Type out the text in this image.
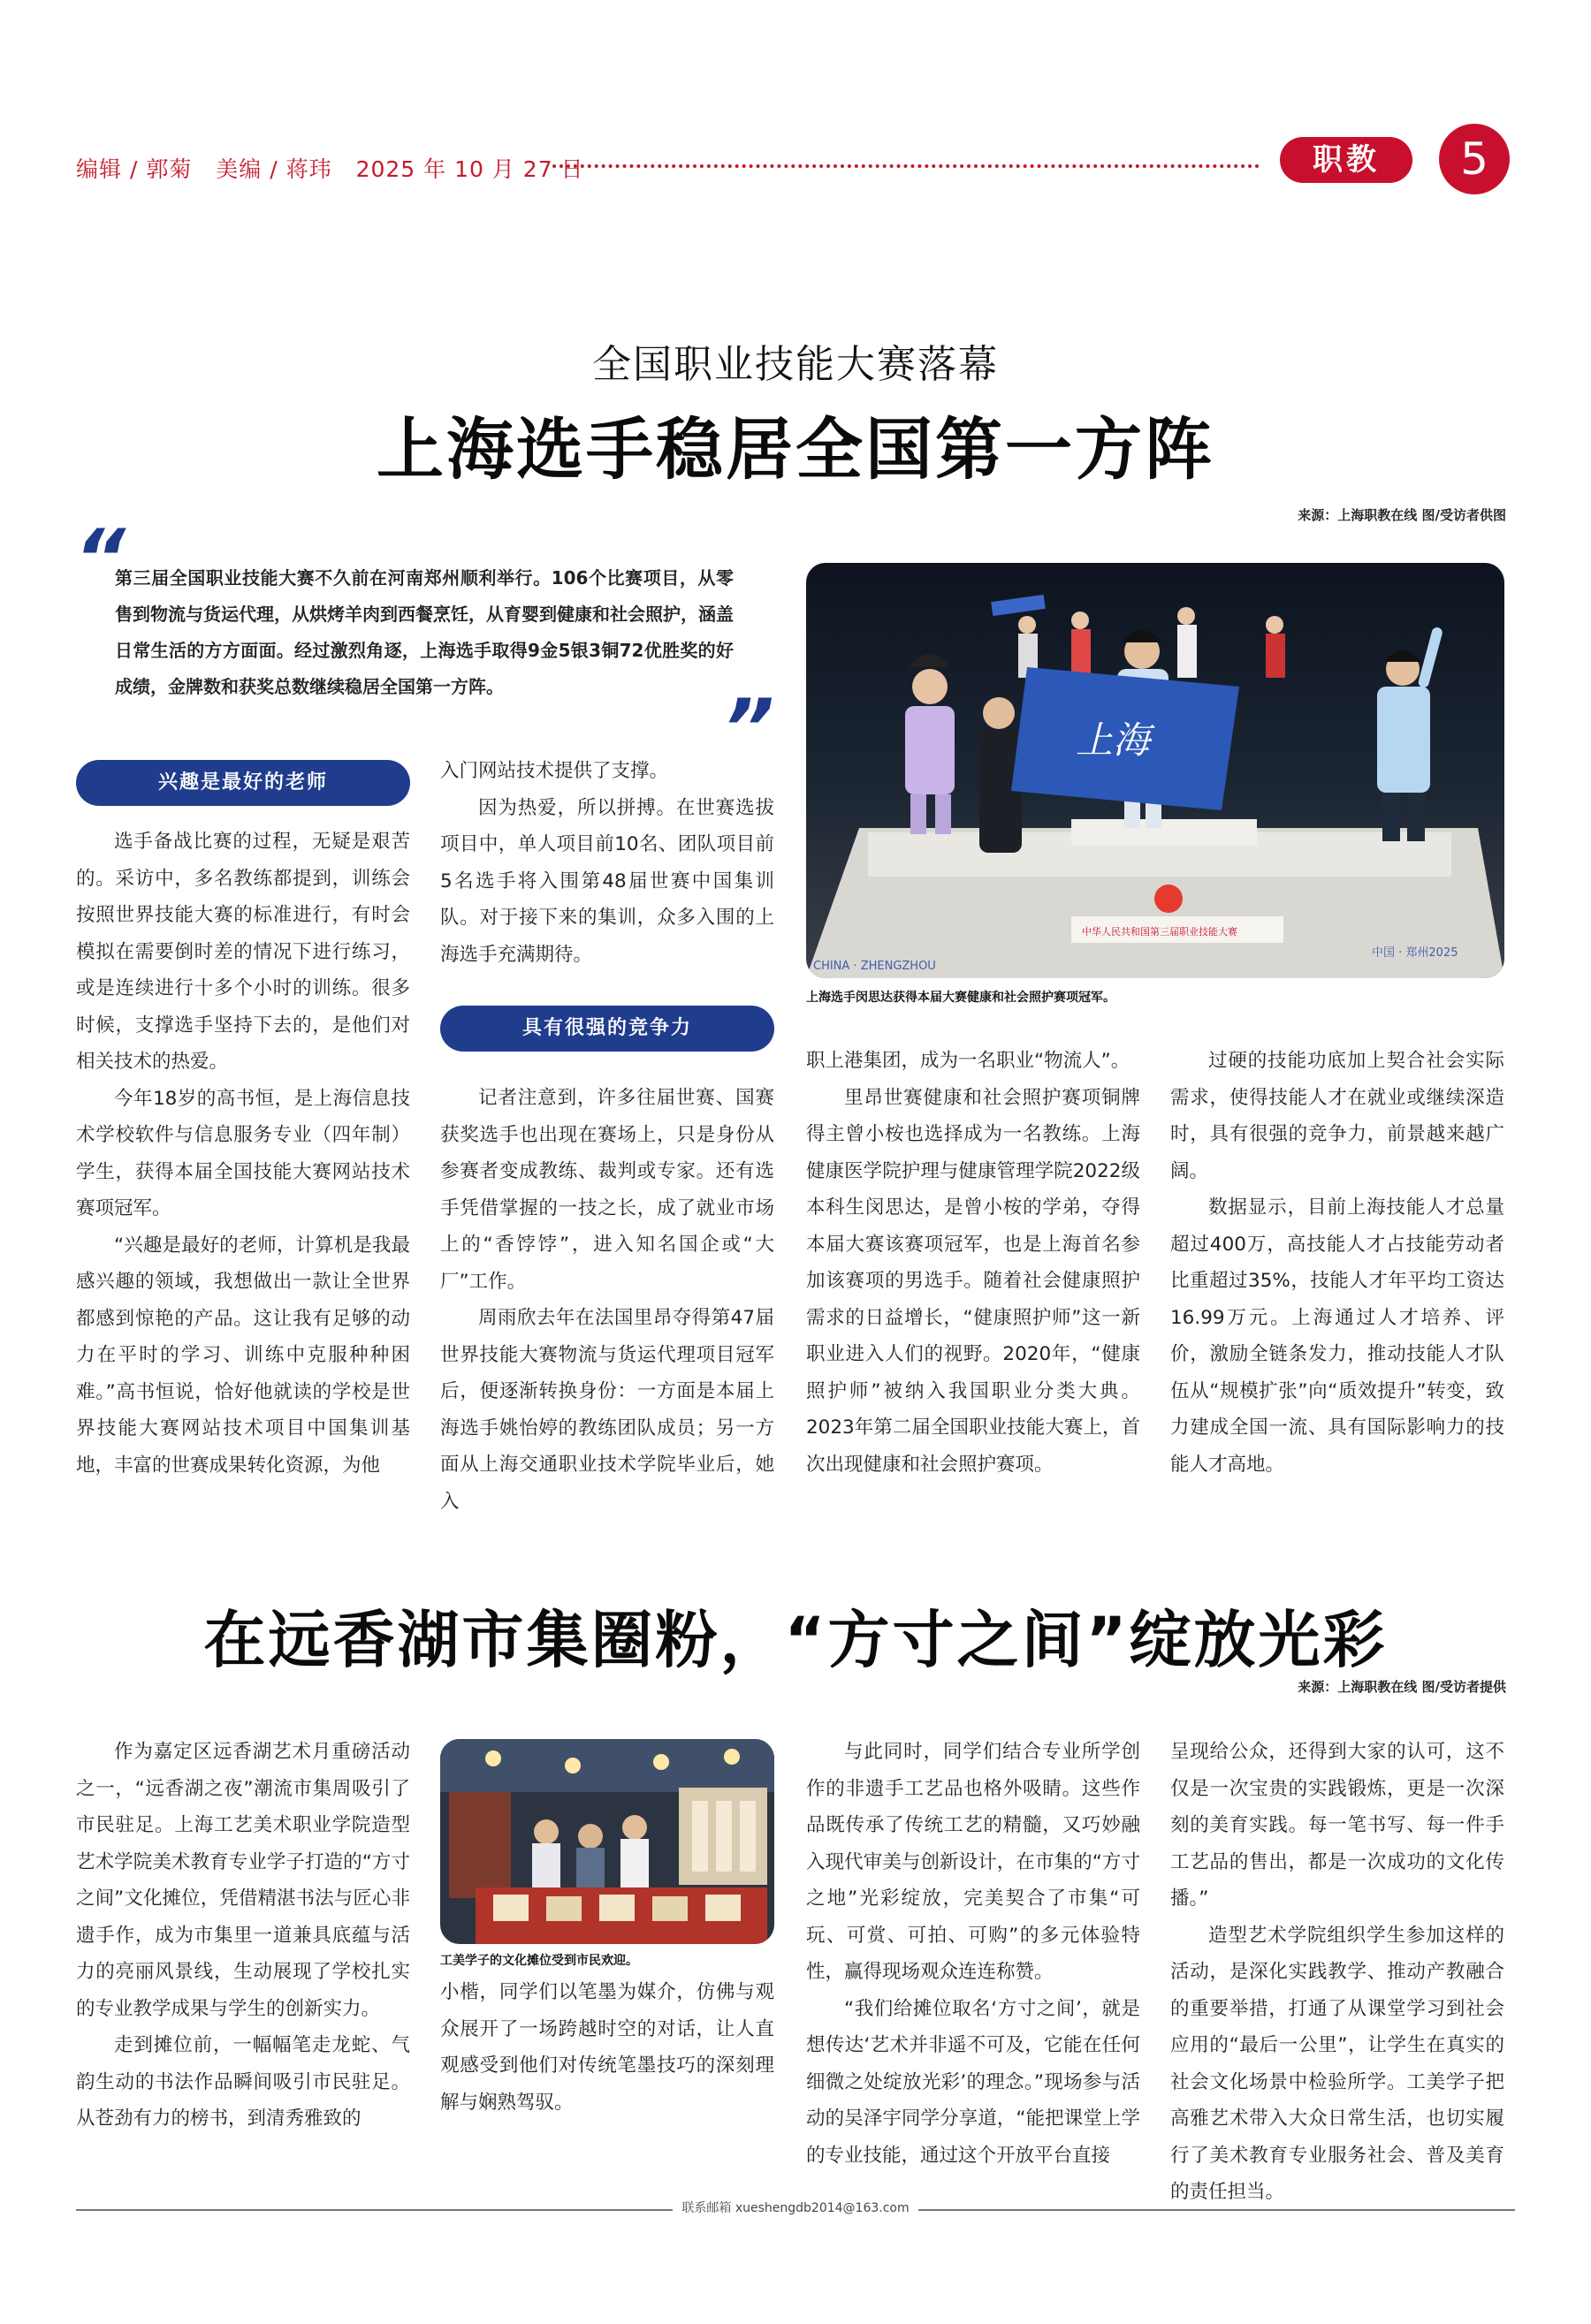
编辑 / 郭菊 美编 / 蒋玮 2025 年 10 月 27 日	职教	5
全国职业技能大赛落幕
上海选手稳居全国第一方阵
来源：上海职教在线 图/受访者供图
“
第三届全国职业技能大赛不久前在河南郑州顺利举行。106个比赛项目，从零售到物流与货运代理，从烘烤羊肉到西餐烹饪，从育婴到健康和社会照护，涵盖日常生活的方方面面。经过激烈角逐，上海选手取得9金5银3铜72优胜奖的好成绩，金牌数和获奖总数继续稳居全国第一方阵。	”	上海
中华人民共和国第三届职业技能大赛
CHINA · ZHENGZHOU
中国 · 郑州2025
上海选手闵思达获得本届大赛健康和社会照护赛项冠军。
兴趣是最好的老师

选手备战比赛的过程，无疑是艰苦的。采访中，多名教练都提到，训练会按照世界技能大赛的标准进行，有时会模拟在需要倒时差的情况下进行练习，或是连续进行十多个小时的训练。很多时候，支撑选手坚持下去的，是他们对相关技术的热爱。

今年18岁的高书恒，是上海信息技术学校软件与信息服务专业（四年制）学生，获得本届全国技能大赛网站技术赛项冠军。

“兴趣是最好的老师，计算机是我最感兴趣的领域，我想做出一款让全世界都感到惊艳的产品。这让我有足够的动力在平时的学习、训练中克服种种困难。”高书恒说，恰好他就读的学校是世界技能大赛网站技术项目中国集训基地，丰富的世赛成果转化资源，为他

入门网站技术提供了支撑。

因为热爱，所以拼搏。在世赛选拔项目中，单人项目前10名、团队项目前5名选手将入围第48届世赛中国集训队。对于接下来的集训，众多入围的上海选手充满期待。

具有很强的竞争力

记者注意到，许多往届世赛、国赛获奖选手也出现在赛场上，只是身份从参赛者变成教练、裁判或专家。还有选手凭借掌握的一技之长，成了就业市场上的“香饽饽”，进入知名国企或“大厂”工作。

周雨欣去年在法国里昂夺得第47届世界技能大赛物流与货运代理项目冠军后，便逐渐转换身份：一方面是本届上海选手姚怡婷的教练团队成员；另一方面从上海交通职业技术学院毕业后，她入

职上港集团，成为一名职业“物流人”。

里昂世赛健康和社会照护赛项铜牌得主曾小桉也选择成为一名教练。上海健康医学院护理与健康管理学院2022级本科生闵思达，是曾小桉的学弟，夺得本届大赛该赛项冠军，也是上海首名参加该赛项的男选手。随着社会健康照护需求的日益增长，“健康照护师”这一新职业进入人们的视野。2020年，“健康照护师”被纳入我国职业分类大典。2023年第二届全国职业技能大赛上，首次出现健康和社会照护赛项。

过硬的技能功底加上契合社会实际需求，使得技能人才在就业或继续深造时，具有很强的竞争力，前景越来越广阔。

数据显示，目前上海技能人才总量超过400万，高技能人才占技能劳动者比重超过35%，技能人才年平均工资达16.99万元。上海通过人才培养、评价，激励全链条发力，推动技能人才队伍从“规模扩张”向“质效提升”转变，致力建成全国一流、具有国际影响力的技能人才高地。

在远香湖市集圈粉，“方寸之间”绽放光彩
来源：上海职教在线 图/受访者提供

作为嘉定区远香湖艺术月重磅活动之一，“远香湖之夜”潮流市集周吸引了市民驻足。上海工艺美术职业学院造型艺术学院美术教育专业学子打造的“方寸之间”文化摊位，凭借精湛书法与匠心非遗手作，成为市集里一道兼具底蕴与活力的亮丽风景线，生动展现了学校扎实的专业教学成果与学生的创新实力。

走到摊位前，一幅幅笔走龙蛇、气韵生动的书法作品瞬间吸引市民驻足。从苍劲有力的榜书，到清秀雅致的

工美学子的文化摊位受到市民欢迎。

小楷，同学们以笔墨为媒介，仿佛与观众展开了一场跨越时空的对话，让人直观感受到他们对传统笔墨技巧的深刻理解与娴熟驾驭。

与此同时，同学们结合专业所学创作的非遗手工艺品也格外吸睛。这些作品既传承了传统工艺的精髓，又巧妙融入现代审美与创新设计，在市集的“方寸之地”光彩绽放，完美契合了市集“可玩、可赏、可拍、可购”的多元体验特性，赢得现场观众连连称赞。

“我们给摊位取名‘方寸之间’，就是想传达‘艺术并非遥不可及，它能在任何细微之处绽放光彩’的理念。”现场参与活动的吴泽宇同学分享道，“能把课堂上学的专业技能，通过这个开放平台直接

呈现给公众，还得到大家的认可，这不仅是一次宝贵的实践锻炼，更是一次深刻的美育实践。每一笔书写、每一件手工艺品的售出，都是一次成功的文化传播。”

造型艺术学院组织学生参加这样的活动，是深化实践教学、推动产教融合的重要举措，打通了从课堂学习到社会应用的“最后一公里”，让学生在真实的社会文化场景中检验所学。工美学子把高雅艺术带入大众日常生活，也切实履行了美术教育专业服务社会、普及美育的责任担当。

联系邮箱 xueshengdb2014@163.com
